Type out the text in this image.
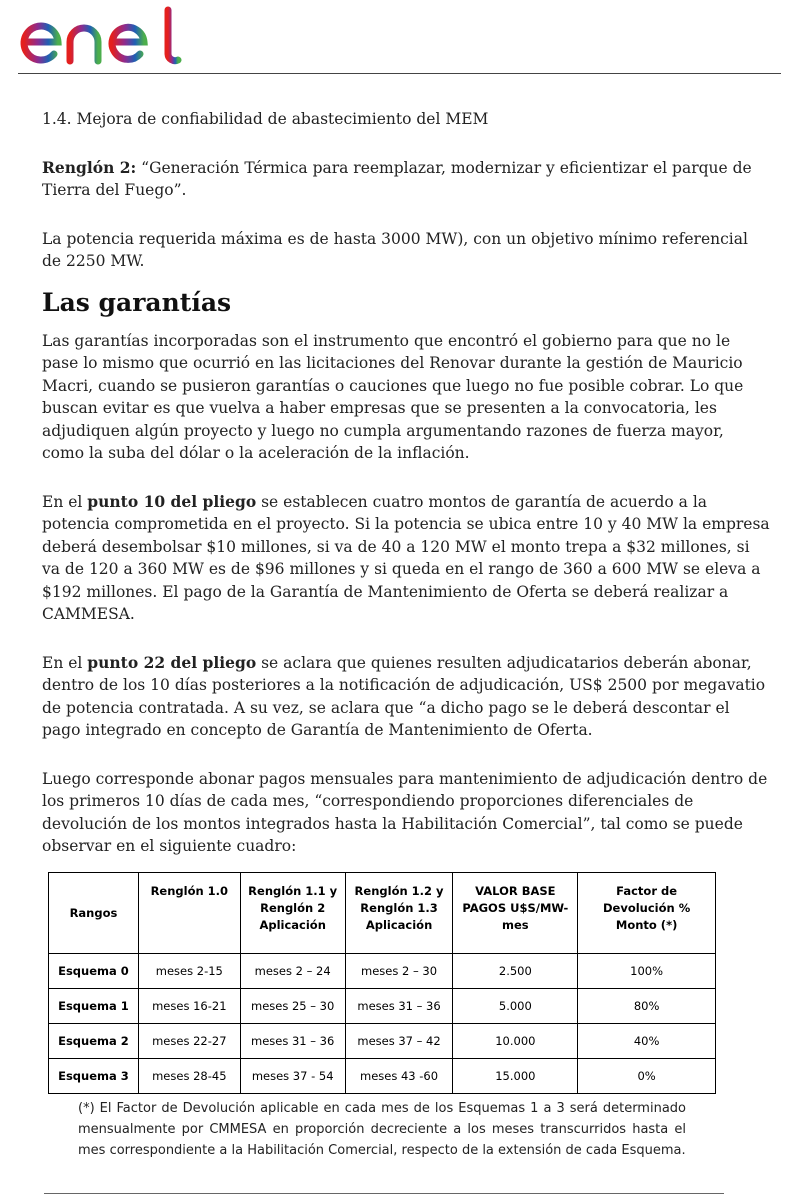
1.4. Mejora de confiabilidad de abastecimiento del MEM

Renglón 2: “Generación Térmica para reemplazar, modernizar y eficientizar el parque de Tierra del Fuego”.

La potencia requerida máxima es de hasta 3000 MW), con un objetivo mínimo referencial de 2250 MW.

Las garantías

Las garantías incorporadas son el instrumento que encontró el gobierno para que no le pase lo mismo que ocurrió en las licitaciones del Renovar durante la gestión de Mauricio Macri, cuando se pusieron garantías o cauciones que luego no fue posible cobrar. Lo que buscan evitar es que vuelva a haber empresas que se presenten a la convocatoria, les adjudiquen algún proyecto y luego no cumpla argumentando razones de fuerza mayor, como la suba del dólar o la aceleración de la inflación.

En el punto 10 del pliego se establecen cuatro montos de garantía de acuerdo a la potencia comprometida en el proyecto. Si la potencia se ubica entre 10 y 40 MW la empresa deberá desembolsar $10 millones, si va de 40 a 120 MW el monto trepa a $32 millones, si va de 120 a 360 MW es de $96 millones y si queda en el rango de 360 a 600 MW se eleva a $192 millones. El pago de la Garantía de Mantenimiento de Oferta se deberá realizar a CAMMESA.

En el punto 22 del pliego se aclara que quienes resulten adjudicatarios deberán abonar, dentro de los 10 días posteriores a la notificación de adjudicación, US$ 2500 por megavatio de potencia contratada. A su vez, se aclara que “a dicho pago se le deberá descontar el pago integrado en concepto de Garantía de Mantenimiento de Oferta.

Luego corresponde abonar pagos mensuales para mantenimiento de adjudicación dentro de los primeros 10 días de cada mes, “correspondiendo proporciones diferenciales de devolución de los montos integrados hasta la Habilitación Comercial”, tal como se puede observar en el siguiente cuadro:

Rangos	Renglón 1.0	Renglón 1.1 y Renglón 2 Aplicación	Renglón 1.2 y Renglón 1.3 Aplicación	VALOR BASE PAGOS U$S/MW-mes	Factor de Devolución % Monto (*)
Esquema 0	meses 2-15	meses 2 – 24	meses 2 – 30	2.500	100%
Esquema 1	meses 16-21	meses 25 – 30	meses 31 – 36	5.000	80%
Esquema 2	meses 22-27	meses 31 – 36	meses 37 – 42	10.000	40%
Esquema 3	meses 28-45	meses 37 - 54	meses 43 -60	15.000	0%
(*) El Factor de Devolución aplicable en cada mes de los Esquemas 1 a 3 será determinado mensualmente por CMMESA en proporción decreciente a los meses transcurridos hasta el mes correspondiente a la Habilitación Comercial, respecto de la extensión de cada Esquema.
